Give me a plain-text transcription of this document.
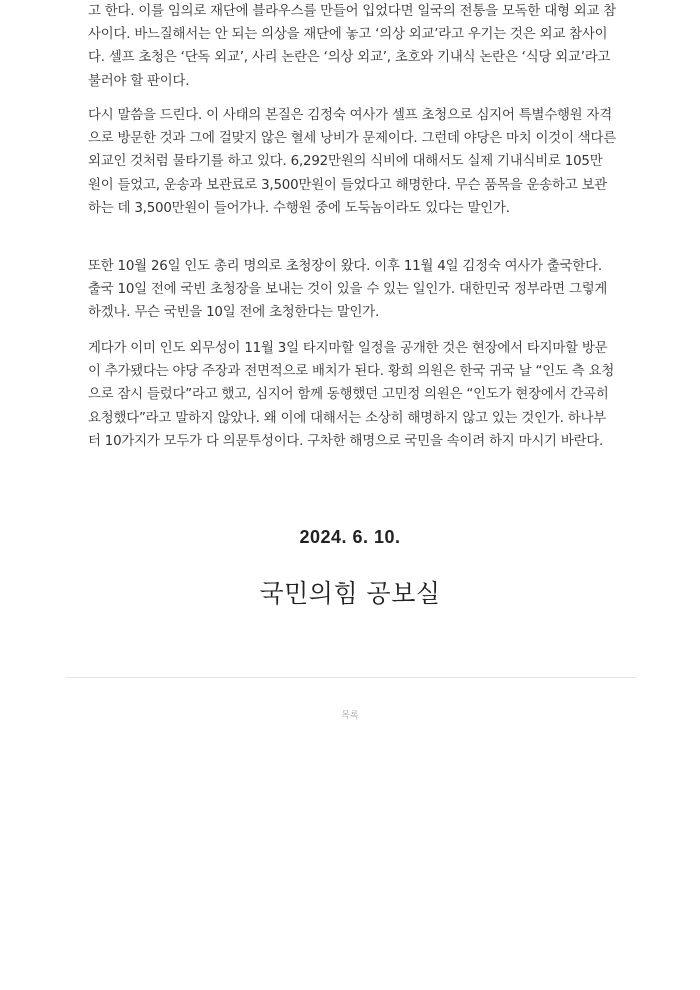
고 한다. 이를 임의로 재단에 블라우스를 만들어 입었다면 일국의 전통을 모독한 대형 외교 참사이다. 바느질해서는 안 되는 의상을 재단에 놓고 ‘의상 외교’라고 우기는 것은 외교 참사이다. 셀프 초청은 ‘단독 외교’, 사리 논란은 ‘의상 외교’, 초호와 기내식 논란은 ‘식당 외교’라고 불러야 할 판이다.

다시 말씀을 드린다. 이 사태의 본질은 김정숙 여사가 셀프 초청으로 심지어 특별수행원 자격으로 방문한 것과 그에 걸맞지 않은 혈세 낭비가 문제이다. 그런데 야당은 마치 이것이 색다른 외교인 것처럼 물타기를 하고 있다. 6,292만원의 식비에 대해서도 실제 기내식비로 105만 원이 들었고, 운송과 보관료로 3,500만원이 들었다고 해명한다. 무슨 품목을 운송하고 보관하는 데 3,500만원이 들어가나. 수행원 중에 도둑놈이라도 있다는 말인가.

또한 10월 26일 인도 총리 명의로 초청장이 왔다. 이후 11월 4일 김정숙 여사가 출국한다. 출국 10일 전에 국빈 초청장을 보내는 것이 있을 수 있는 일인가. 대한민국 정부라면 그렇게 하겠나. 무슨 국빈을 10일 전에 초청한다는 말인가.

게다가 이미 인도 외무성이 11월 3일 타지마할 일정을 공개한 것은 현장에서 타지마할 방문이 추가됐다는 야당 주장과 전면적으로 배치가 된다. 황희 의원은 한국 귀국 날 “인도 측 요청으로 잠시 들렀다”라고 했고, 심지어 함께 동행했던 고민정 의원은 “인도가 현장에서 간곡히 요청했다”라고 말하지 않았나. 왜 이에 대해서는 소상히 해명하지 않고 있는 것인가. 하나부터 10가지가 모두가 다 의문투성이다. 구차한 해명으로 국민을 속이려 하지 마시기 바란다.

2024. 6. 10.
국민의힘 공보실
목록
